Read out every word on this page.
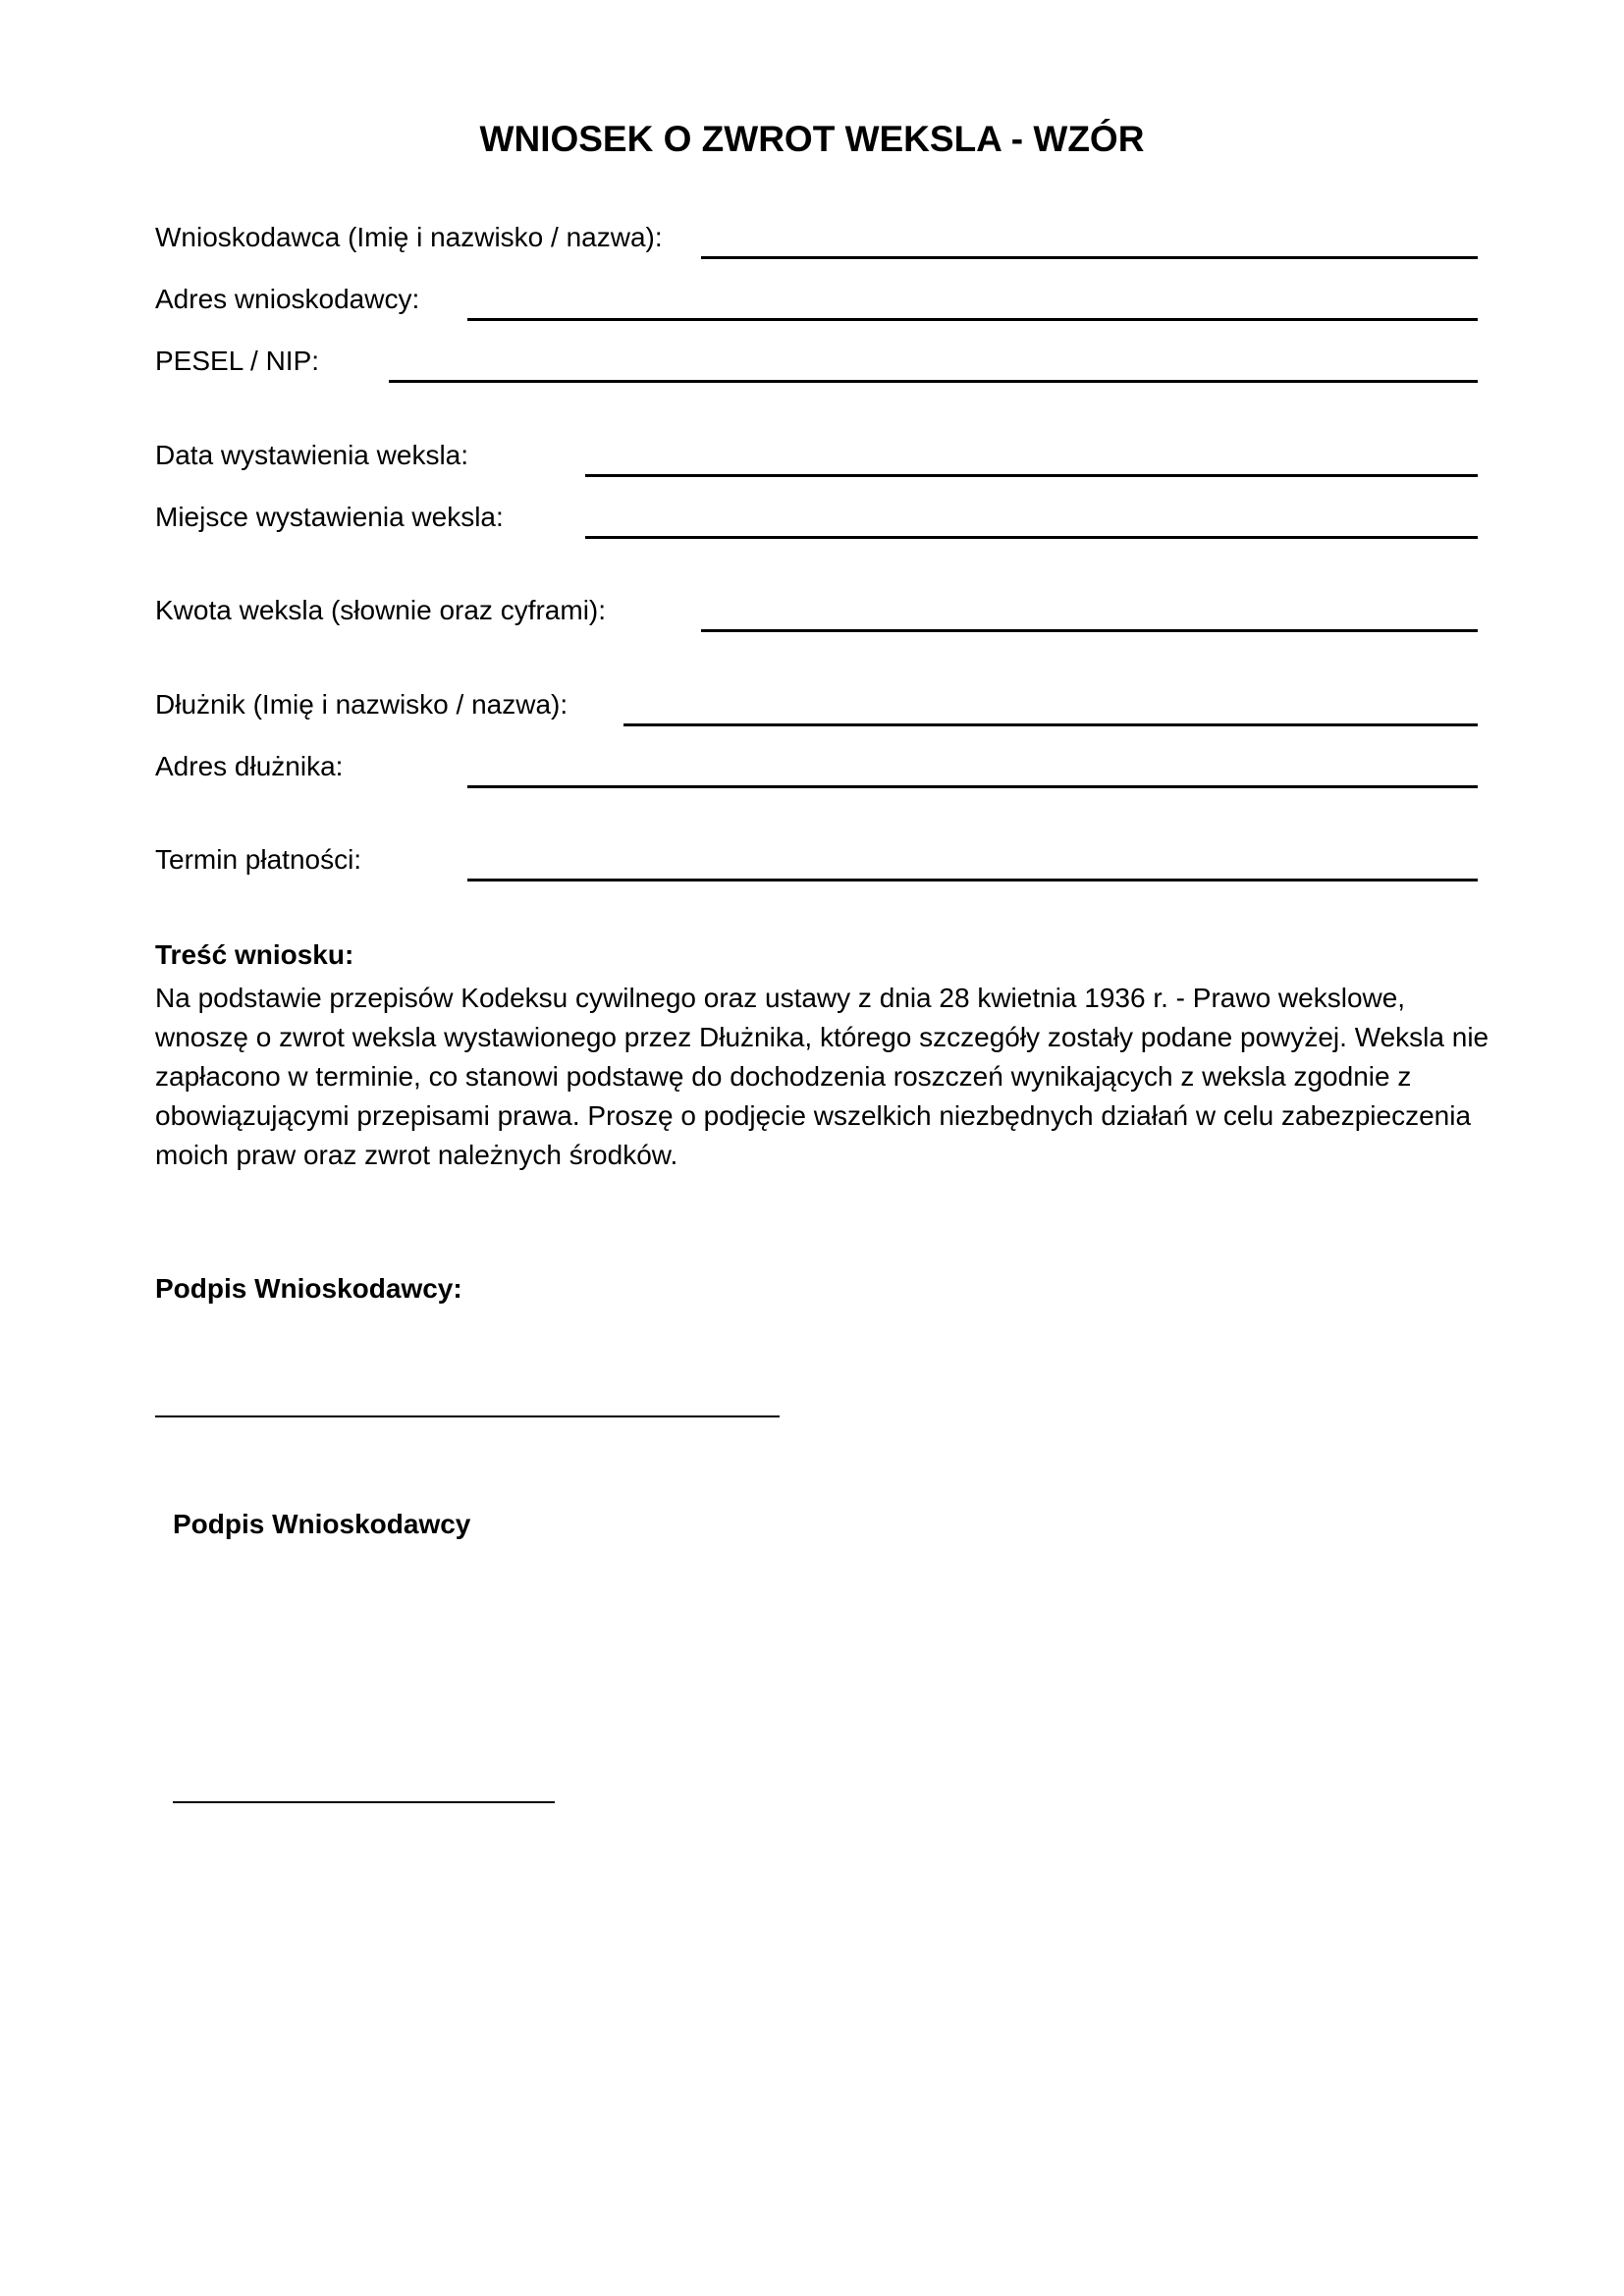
WNIOSEK O ZWROT WEKSLA - WZÓR
Wnioskodawca (Imię i nazwisko / nazwa):
Adres wnioskodawcy:
PESEL / NIP:
Data wystawienia weksla:
Miejsce wystawienia weksla:
Kwota weksla (słownie oraz cyframi):
Dłużnik (Imię i nazwisko / nazwa):
Adres dłużnika:
Termin płatności:
Treść wniosku:

Na podstawie przepisów Kodeksu cywilnego oraz ustawy z dnia 28 kwietnia 1936 r. - Prawo wekslowe, wnoszę o zwrot weksla wystawionego przez Dłużnika, którego szczegóły zostały podane powyżej. Weksla nie zapłacono w terminie, co stanowi podstawę do dochodzenia roszczeń wynikających z weksla zgodnie z obowiązującymi przepisami prawa. Proszę o podjęcie wszelkich niezbędnych działań w celu zabezpieczenia moich praw oraz zwrot należnych środków.

Podpis Wnioskodawcy:
Podpis Wnioskodawcy
